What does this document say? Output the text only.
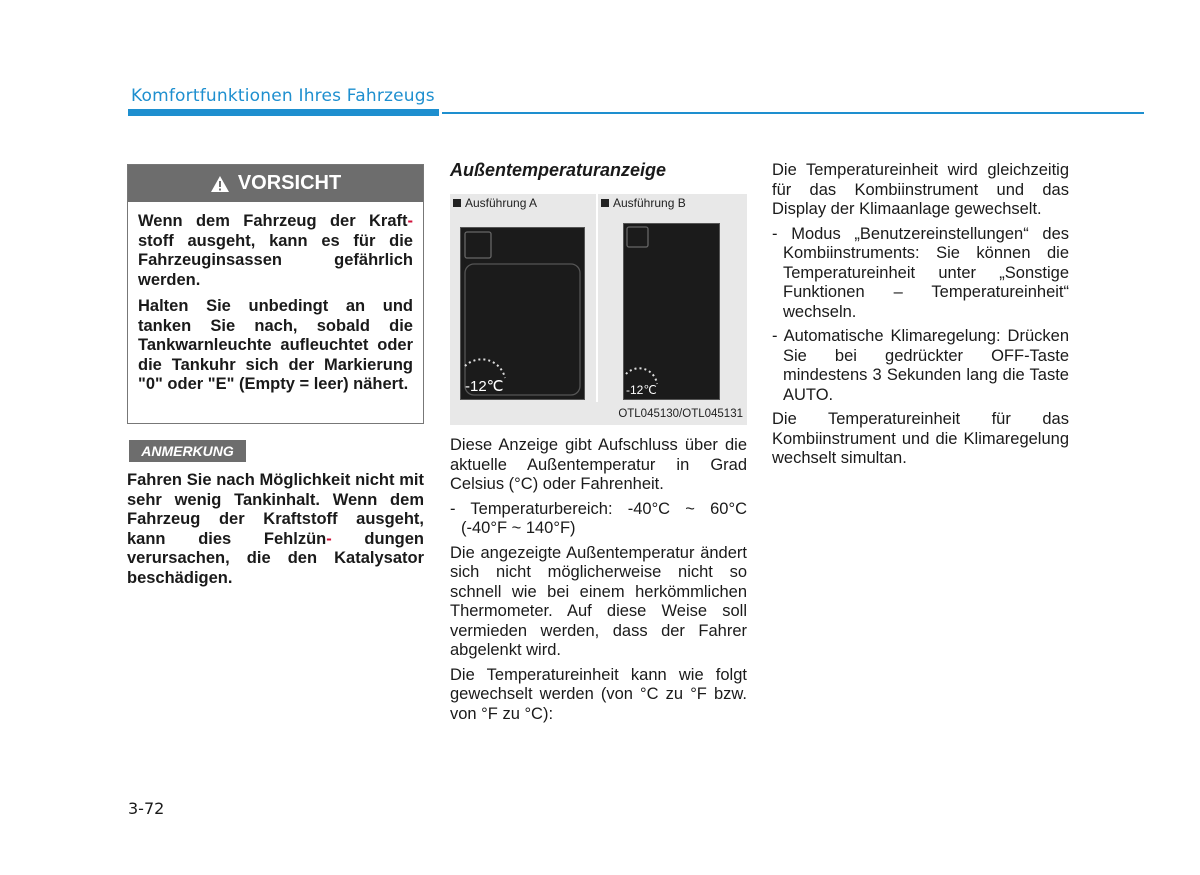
Komfortfunktionen Ihres Fahrzeugs
VORSICHT

Wenn dem Fahrzeug der Kraft- stoff ausgeht, kann es für die Fahrzeuginsassen gefährlich werden.

Halten Sie unbedingt an und tanken Sie nach, sobald die Tankwarnleuchte aufleuchtet oder die Tankuhr sich der Markierung "0" oder "E" (Empty = leer) nähert.

ANMERKUNG

Fahren Sie nach Möglichkeit nicht mit sehr wenig Tankinhalt. Wenn dem Fahrzeug der Kraftstoff ausgeht, kann dies Fehlzün- dungen verursachen, die den Katalysator beschädigen.

Außentemperaturanzeige
Ausführung A	Ausführung B
-12℃	-12℃
OTL045130/OTL045131

Diese Anzeige gibt Aufschluss über die aktuelle Außentemperatur in Grad Celsius (°C) oder Fahrenheit.

- Temperaturbereich: -40°C ~ 60°C (-40°F ~ 140°F)

Die angezeigte Außentemperatur ändert sich nicht möglicherweise nicht so schnell wie bei einem herkömmlichen Thermometer. Auf diese Weise soll vermieden werden, dass der Fahrer abgelenkt wird.

Die Temperatureinheit kann wie folgt gewechselt werden (von °C zu °F bzw. von °F zu °C):

Die Temperatureinheit wird gleichzeitig für das Kombiinstrument und das Display der Klimaanlage gewechselt.

- Modus „Benutzereinstellungen“ des Kombiinstruments: Sie können die Temperatureinheit unter „Sonstige Funktionen – Temperatureinheit“ wechseln.

- Automatische Klimaregelung: Drücken Sie bei gedrückter OFF-Taste mindestens 3 Sekunden lang die Taste AUTO.

Die Temperatureinheit für das Kombiinstrument und die Klimaregelung wechselt simultan.

3-72
